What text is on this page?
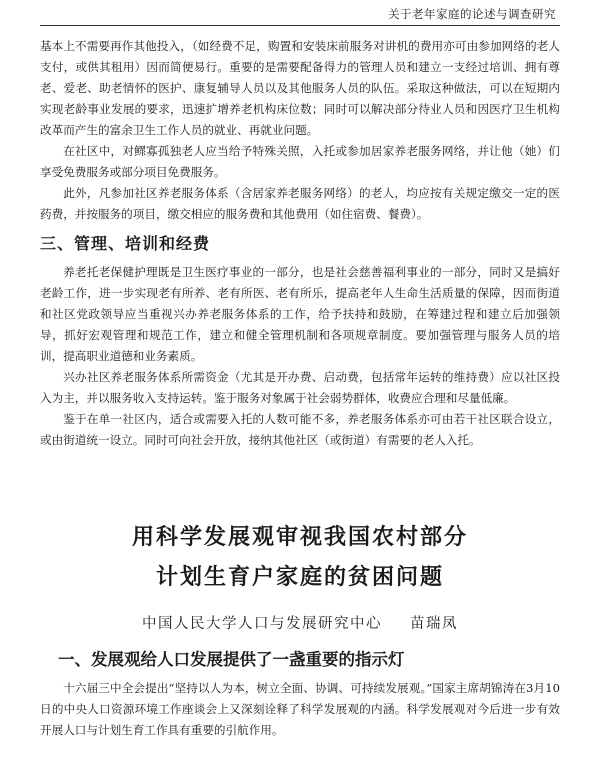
关于老年家庭的论述与调查研究

基本上不需要再作其他投入，（如经费不足，购置和安装床前服务对讲机的费用亦可由参加网络的老人支付，或供其租用）因而简便易行。重要的是需要配备得力的管理人员和建立一支经过培训、拥有尊老、爱老、助老情怀的医护、康复辅导人员以及其他服务人员的队伍。采取这种做法，可以在短期内实现老龄事业发展的要求，迅速扩增养老机构床位数；同时可以解决部分待业人员和因医疗卫生机构改革而产生的富余卫生工作人员的就业、再就业问题。

在社区中，对鳏寡孤独老人应当给予特殊关照，入托或参加居家养老服务网络，并让他（她）们享受免费服务或部分项目免费服务。

此外，凡参加社区养老服务体系（含居家养老服务网络）的老人，均应按有关规定缴交一定的医药费，并按服务的项目，缴交相应的服务费和其他费用（如住宿费、餐费）。

三、管理、培训和经费

养老托老保健护理既是卫生医疗事业的一部分，也是社会慈善福利事业的一部分，同时又是搞好老龄工作，进一步实现老有所养、老有所医、老有所乐，提高老年人生命生活质量的保障，因而街道和社区党政领导应当重视兴办养老服务体系的工作，给予扶持和鼓励，在筹建过程和建立后加强领导，抓好宏观管理和规范工作，建立和健全管理机制和各项规章制度。要加强管理与服务人员的培训，提高职业道德和业务素质。

兴办社区养老服务体系所需资金（尤其是开办费、启动费，包括常年运转的维持费）应以社区投入为主，并以服务收入支持运转。鉴于服务对象属于社会弱势群体，收费应合理和尽量低廉。

鉴于在单一社区内，适合或需要入托的人数可能不多，养老服务体系亦可由若干社区联合设立，或由街道统一设立。同时可向社会开放，接纳其他社区（或街道）有需要的老人入托。

用科学发展观审视我国农村部分
计划生育户家庭的贫困问题
中国人民大学人口与发展研究中心 苗瑞凤
一、发展观给人口发展提供了一盏重要的指示灯

十六届三中全会提出“坚持以人为本，树立全面、协调、可持续发展观。”国家主席胡锦涛在3月10日的中央人口资源环境工作座谈会上又深刻诠释了科学发展观的内涵。科学发展观对今后进一步有效开展人口与计划生育工作具有重要的引航作用。
